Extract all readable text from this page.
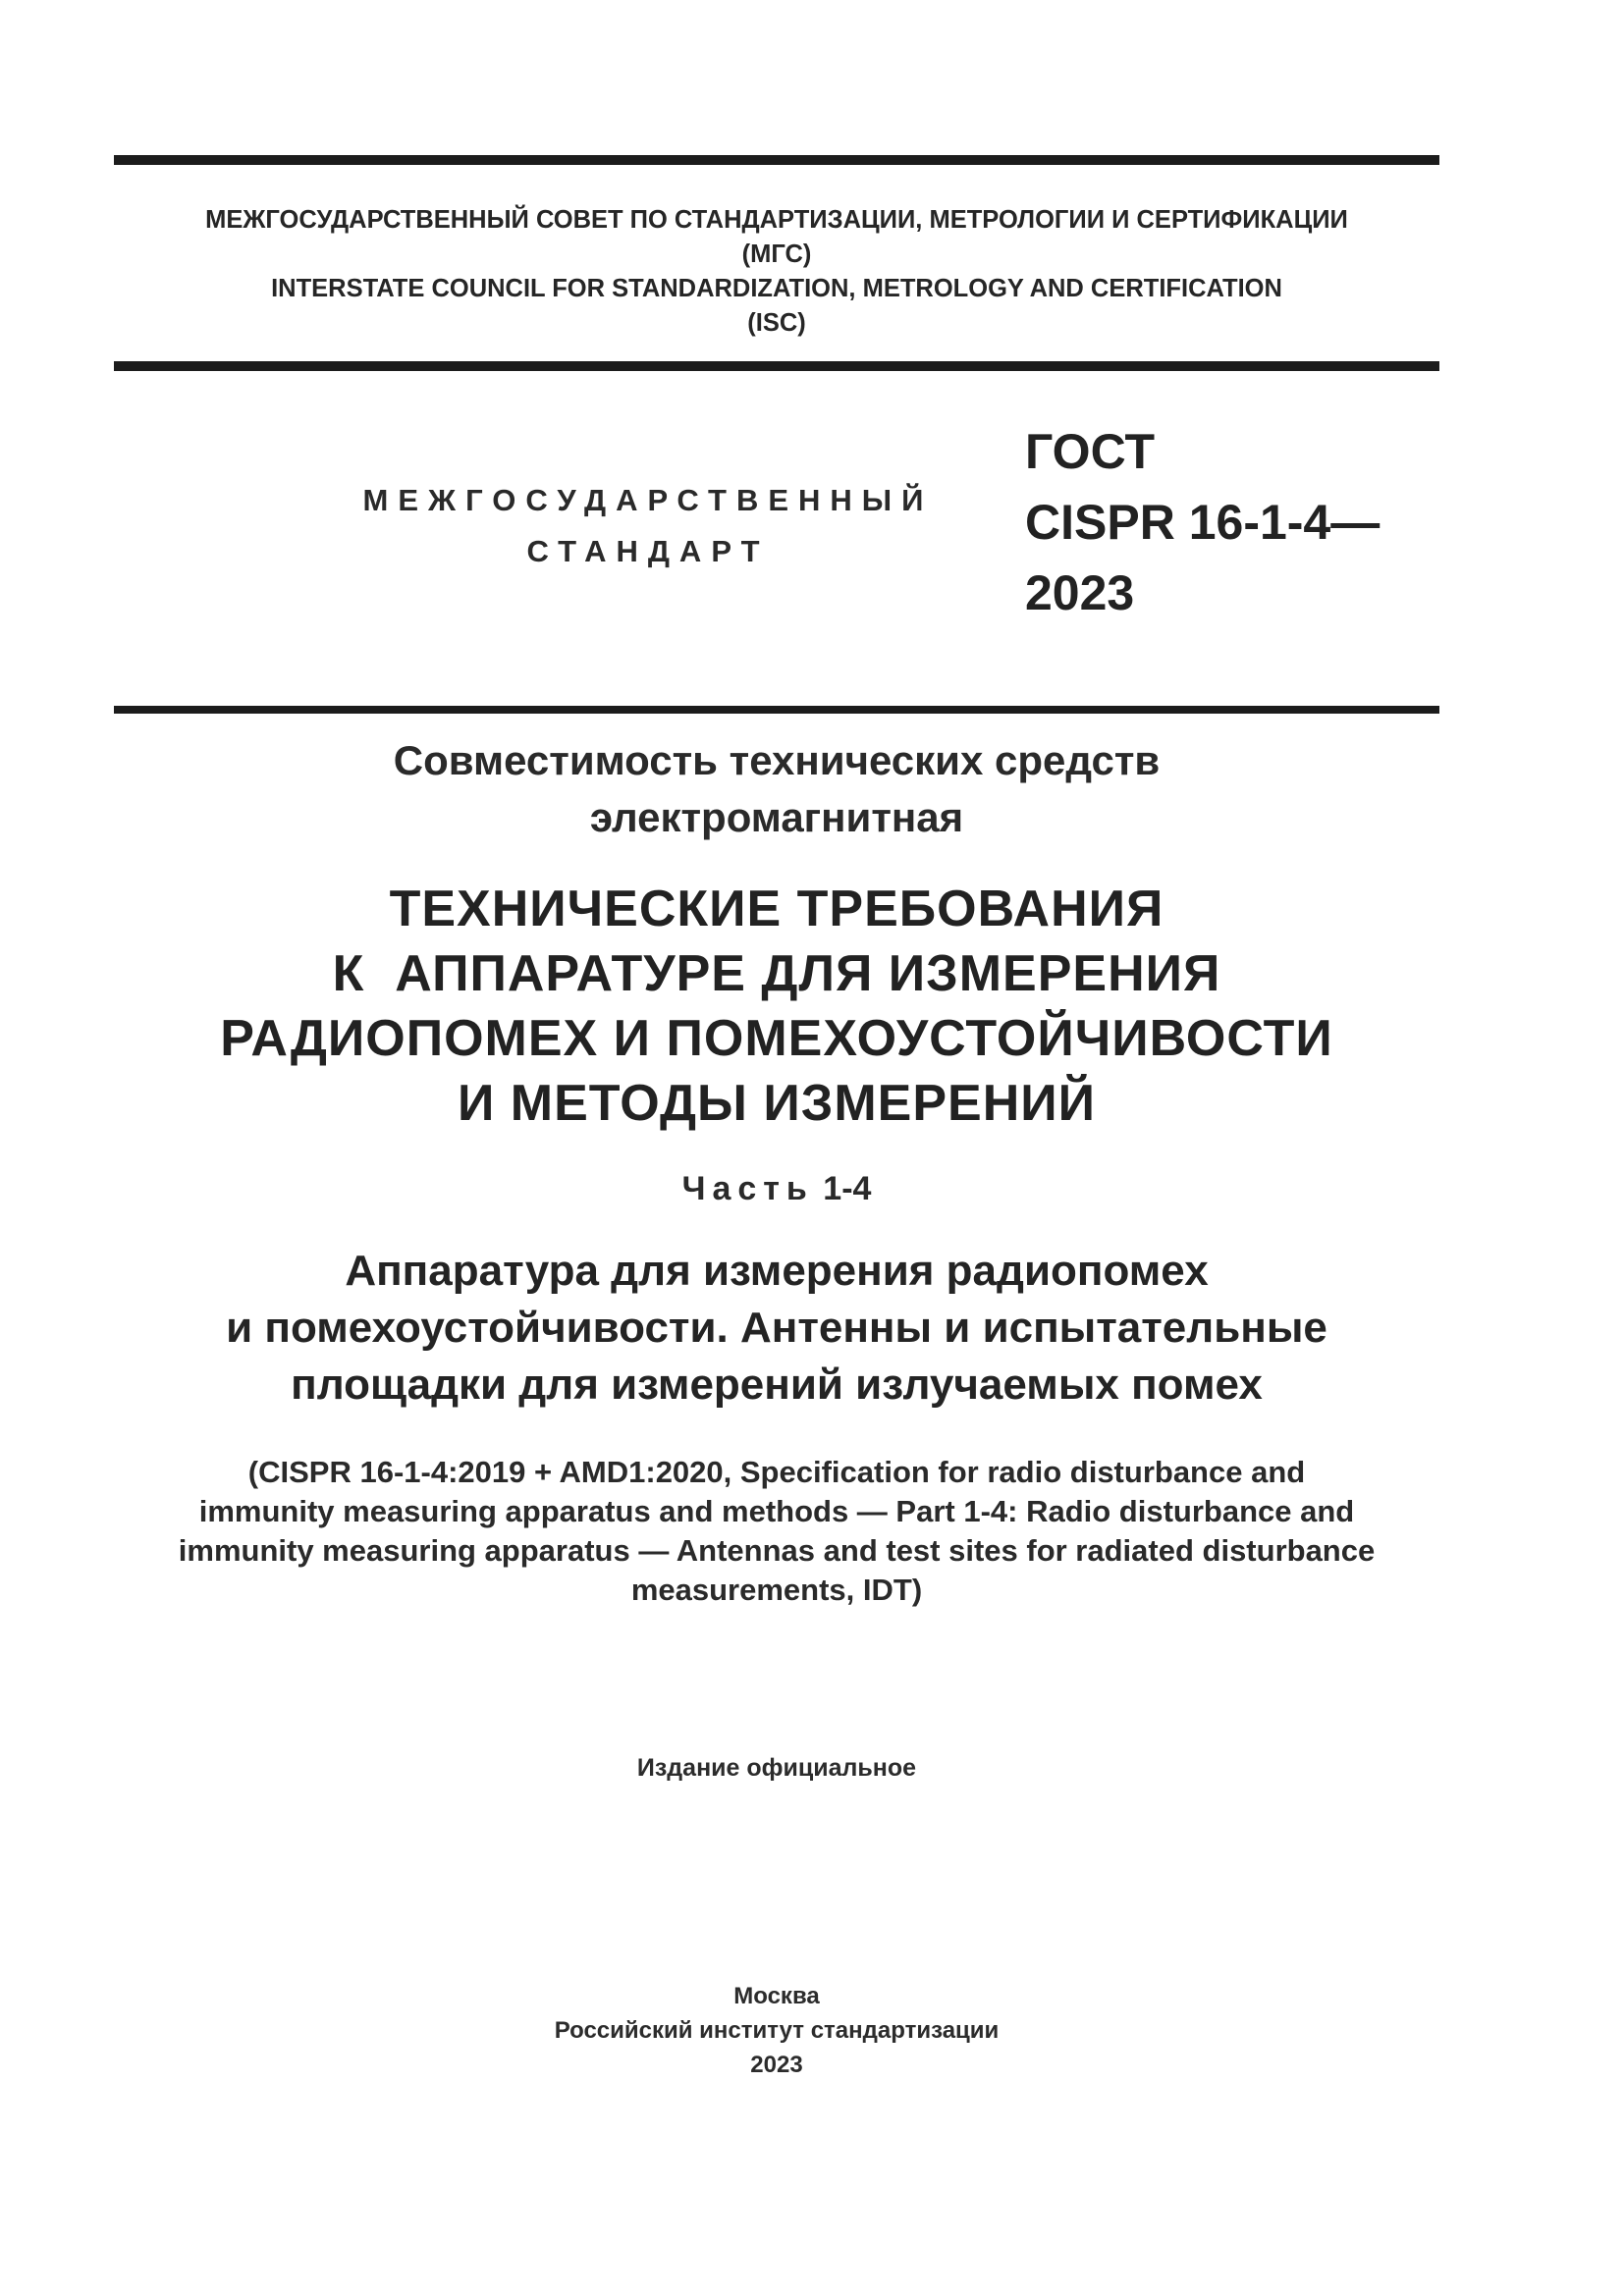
МЕЖГОСУДАРСТВЕННЫЙ СОВЕТ ПО СТАНДАРТИЗАЦИИ, МЕТРОЛОГИИ И СЕРТИФИКАЦИИ
(МГС)
INTERSTATE COUNCIL FOR STANDARDIZATION, METROLOGY AND CERTIFICATION
(ISC)
МЕЖГОСУДАРСТВЕННЫЙ
СТАНДАРТ
ГОСТ
CISPR 16-1-4—
2023
Совместимость технических средств
электромагнитная
ТЕХНИЧЕСКИЕ ТРЕБОВАНИЯ
К  АППАРАТУРЕ ДЛЯ ИЗМЕРЕНИЯ
РАДИОПОМЕХ И ПОМЕХОУСТОЙЧИВОСТИ
И МЕТОДЫ ИЗМЕРЕНИЙ
Часть 1-4
Аппаратура для измерения радиопомех
и помехоустойчивости. Антенны и испытательные
площадки для измерений излучаемых помех
(CISPR 16-1-4:2019 + AMD1:2020, Specification for radio disturbance and
immunity measuring apparatus and methods — Part 1-4: Radio disturbance and
immunity measuring apparatus — Antennas and test sites for radiated disturbance
measurements, IDT)
Издание официальное
Москва
Российский институт стандартизации
2023
